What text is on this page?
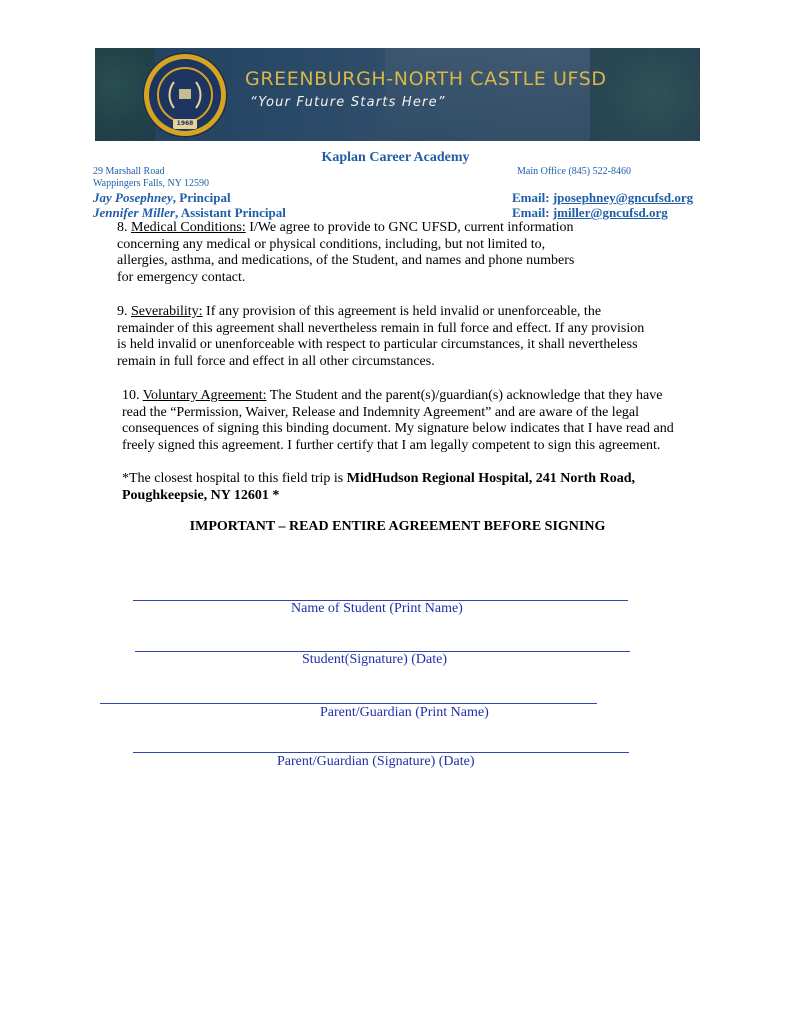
1968
GREENBURGH-NORTH CASTLE UFSD
“Your Future Starts Here”
Kaplan Career Academy
29 Marshall Road	Main Office (845) 522-8460
Wappingers Falls, NY 12590
Jay Posephney, Principal	Email: jposephney@gncufsd.org
Jennifer Miller, Assistant Principal	Email: jmiller@gncufsd.org
8. Medical Conditions: I/We agree to provide to GNC UFSD, current information
concerning any medical or physical conditions, including, but not limited to,
allergies, asthma, and medications, of the Student, and names and phone numbers
for emergency contact.
9. Severability: If any provision of this agreement is held invalid or unenforceable, the
remainder of this agreement shall nevertheless remain in full force and effect. If any provision
is held invalid or unenforceable with respect to particular circumstances, it shall nevertheless
remain in full force and effect in all other circumstances.
10. Voluntary Agreement: The Student and the parent(s)/guardian(s) acknowledge that they have
read the “Permission, Waiver, Release and Indemnity Agreement” and are aware of the legal
consequences of signing this binding document. My signature below indicates that I have read and
freely signed this agreement. I further certify that I am legally competent to sign this agreement.
*The closest hospital to this field trip is MidHudson Regional Hospital, 241 North Road,
Poughkeepsie, NY 12601 *
IMPORTANT – READ ENTIRE AGREEMENT BEFORE SIGNING
Name of Student (Print Name)
Student(Signature) (Date)
Parent/Guardian (Print Name)
Parent/Guardian (Signature) (Date)
